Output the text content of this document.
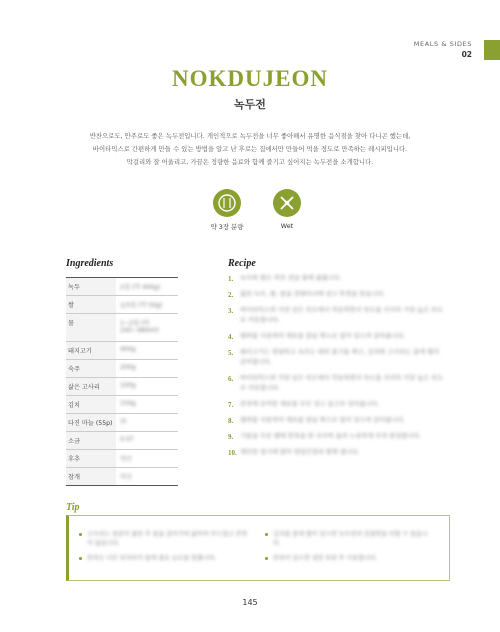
MEALS & SIDES
02
NOKDUJEON
녹두전
반찬으로도, 안주로도 좋은 녹두전입니다. 개인적으로 녹두전을 너무 좋아해서 유명한 음식점을 찾아 다니곤 했는데,
바이타믹스로 간편하게 만들 수 있는 방법을 알고 난 후로는 집에서만 만들어 먹을 정도로 만족하는 레시피입니다.
막걸리와 잘 어울리고, 가끔은 정량한 음료와 함께 즐기고 싶어지는 녹두전을 소개합니다.
약 3장 분량	Wet
Ingredients
녹두	2컵 (약 400g)
쌀	1/3컵 (약 50g)
물	1~2컵 (약 240~480ml)
돼지고기	400g
숙주	200g
삶은 고사리	100g
김치	150g
다진 마늘 (55p)	1t
소금	0.5T
후추	약간
참개	약간
Recipe
1.	녹두와 쌀은 하루 전날 물에 불립니다.
2.	불린 녹두, 쌀, 물을 컨테이너에 넣고 뚜껑을 닫습니다.
3.	바이타믹스의 가장 낮은 속도에서 작동하면서 속도를 서서히 가장 높은 속도로 이동합니다.
4.	탬퍼를 사용하여 재료를 칼날 쪽으로 밀어 넣으며 갈아줍니다.
5.	돼지고기는 양념하고 숙주는 데쳐 물기를 짜고, 김치와 고사리는 잘게 썰어 준비합니다.
6.	바이타믹스의 가장 낮은 속도에서 작동하면서 속도를 서서히 가장 높은 속도로 이동합니다.
7.	반죽에 준비한 재료를 모두 넣고 골고루 섞어줍니다.
8.	탬퍼를 사용하여 재료를 칼날 쪽으로 밀어 넣으며 갈아줍니다.
9.	기름을 두른 팬에 반죽을 한 국자씩 올려 노릇하게 부쳐 완성합니다.
10. 깨끗한 접시에 담아 양념간장과 함께 냅니다.
Tip
고사리는 충분히 불린 후 물을 갈아가며 삶아야 부드럽고 쓴맛이 없습니다.
반죽은 너무 되직하지 않게 물로 농도를 맞춥니다.
김치를 잘게 썰어 넣으면 녹두전의 감칠맛을 더할 수 있습니다.
반죽이 남으면 냉장 보관 후 사용합니다.
145
